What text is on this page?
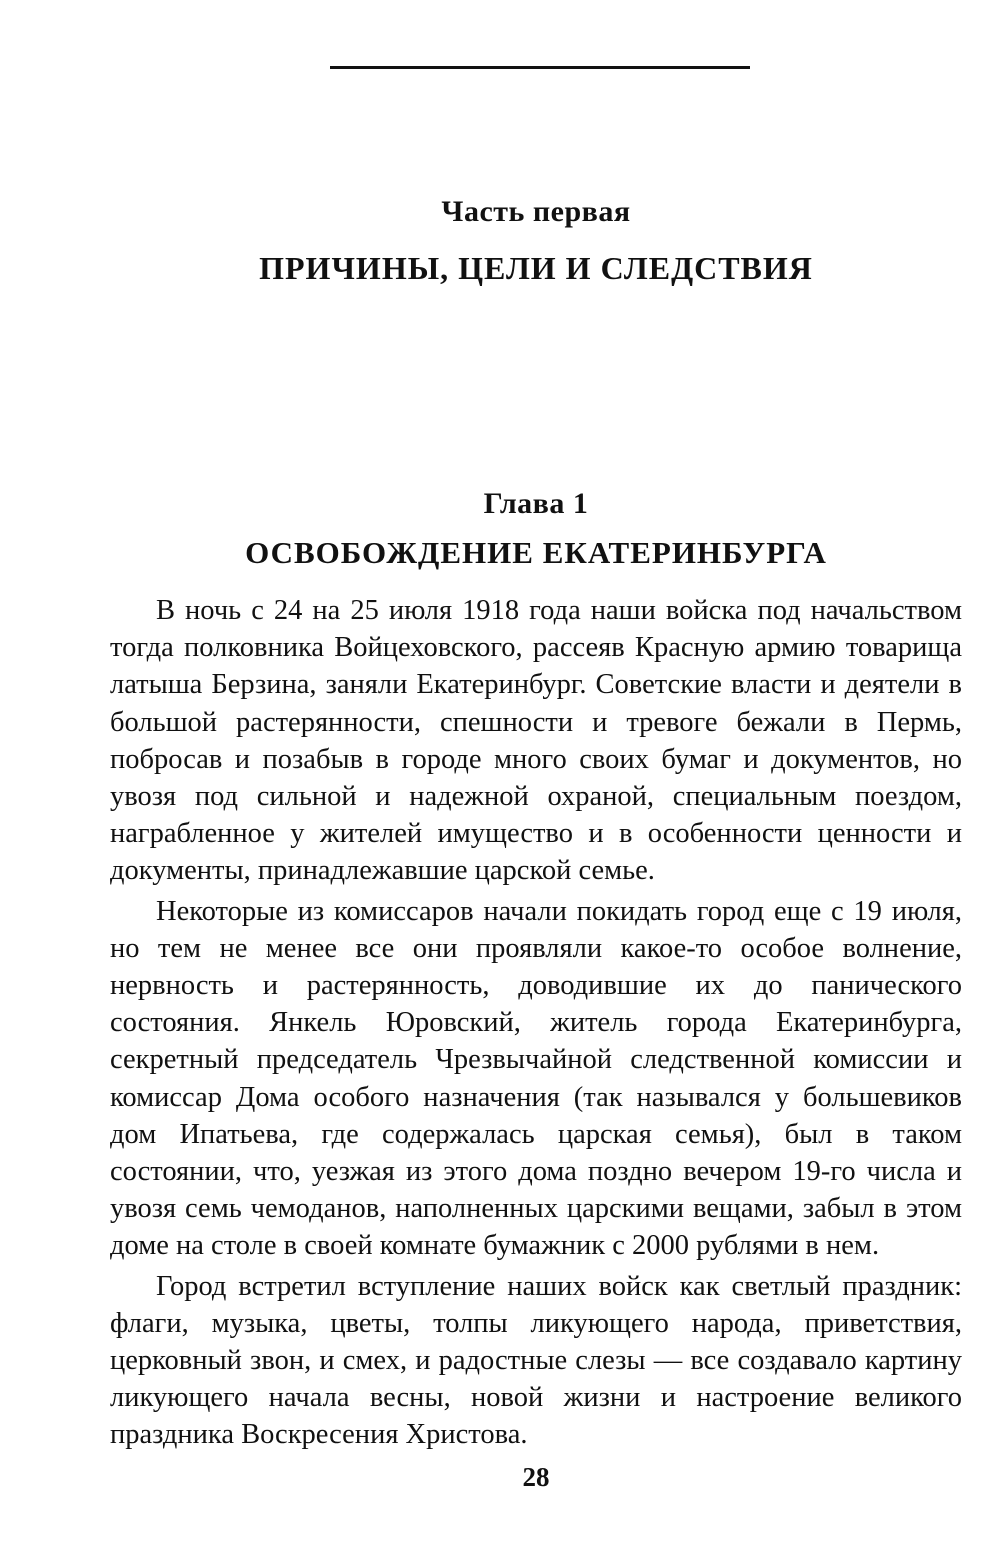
Часть первая
ПРИЧИНЫ, ЦЕЛИ И СЛЕДСТВИЯ
Глава 1
ОСВОБОЖДЕНИЕ ЕКАТЕРИНБУРГА

В ночь с 24 на 25 июля 1918 года наши войска под начальством тогда полковника Войцеховского, рассеяв Красную армию товарища латыша Берзина, заняли Екатеринбург. Советские власти и деятели в большой растерянности, спешности и тревоге бежали в Пермь, побросав и позабыв в городе много своих бумаг и документов, но увозя под сильной и надежной охраной, специальным поездом, награбленное у жителей имущество и в особенности ценности и документы, принадлежавшие царской семье.

Некоторые из комиссаров начали покидать город еще с 19 июля, но тем не менее все они проявляли какое-то особое волнение, нервность и растерянность, доводившие их до панического состояния. Янкель Юровский, житель города Екатеринбурга, секретный председатель Чрезвычайной следственной комиссии и комиссар Дома особого назначения (так назывался у большевиков дом Ипатьева, где содержалась царская семья), был в таком состоянии, что, уезжая из этого дома поздно вечером 19-го числа и увозя семь чемоданов, наполненных царскими вещами, забыл в этом доме на столе в своей комнате бумажник с 2000 рублями в нем.

Город встретил вступление наших войск как светлый праздник: флаги, музыка, цветы, толпы ликующего народа, приветствия, церковный звон, и смех, и радостные слезы — все создавало картину ликующего начала весны, новой жизни и настроение великого праздника Воскресения Христова.

28
